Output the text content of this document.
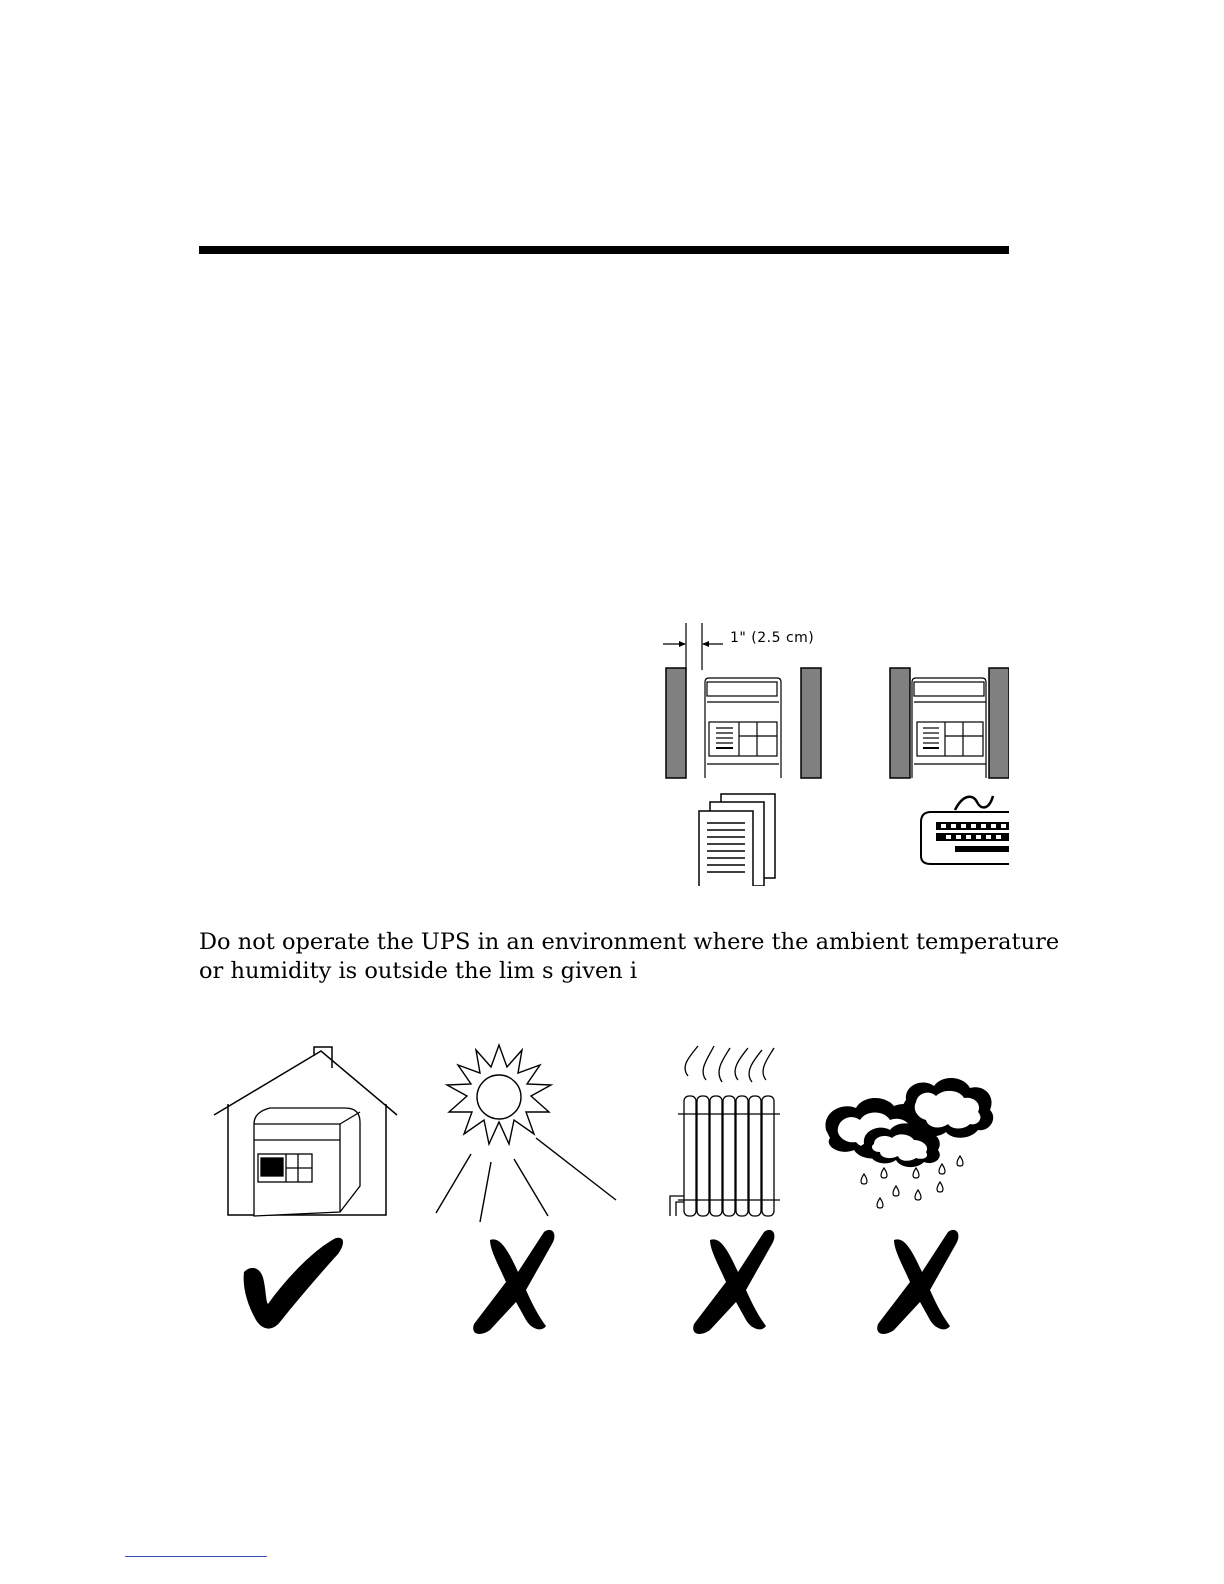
1" (2.5 cm)

Do not operate the UPS in an environment where the ambient temperature
or humidity is outside the lim s given i
